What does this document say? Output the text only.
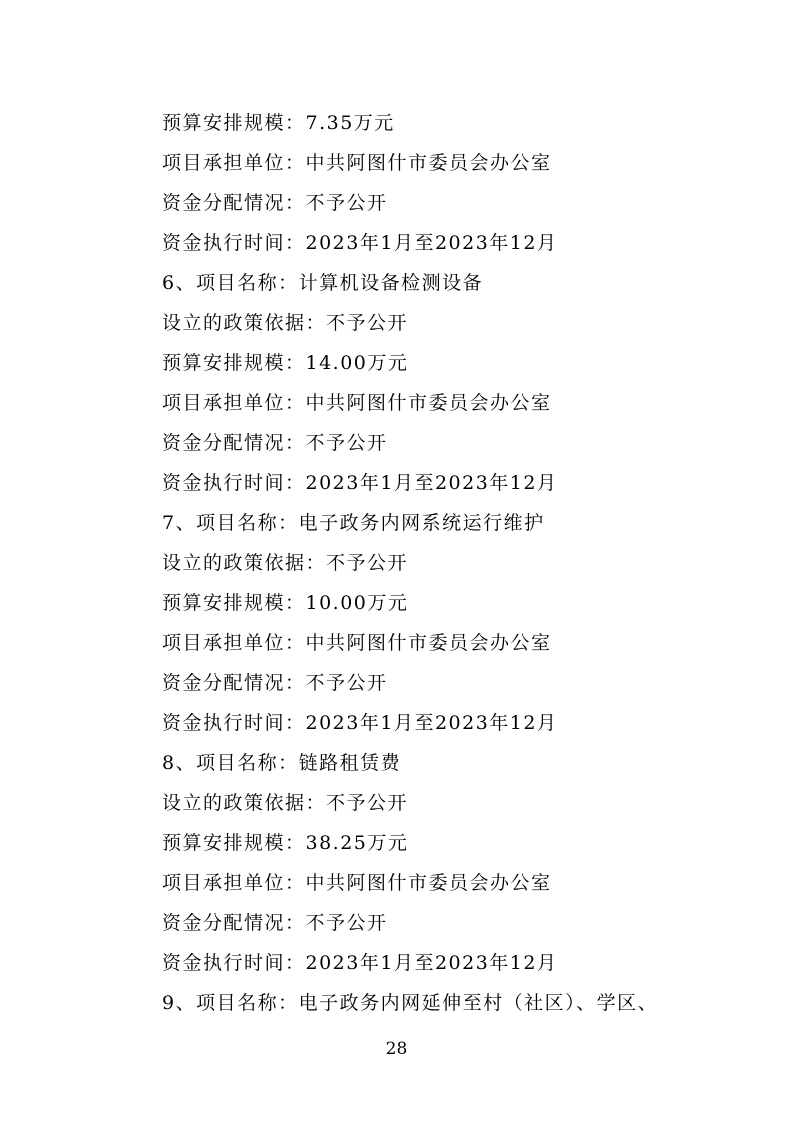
预算安排规模：7.35万元
项目承担单位：中共阿图什市委员会办公室
资金分配情况：不予公开
资金执行时间：2023年1月至2023年12月
6、项目名称：计算机设备检测设备
设立的政策依据：不予公开
预算安排规模：14.00万元
项目承担单位：中共阿图什市委员会办公室
资金分配情况：不予公开
资金执行时间：2023年1月至2023年12月
7、项目名称：电子政务内网系统运行维护
设立的政策依据：不予公开
预算安排规模：10.00万元
项目承担单位：中共阿图什市委员会办公室
资金分配情况：不予公开
资金执行时间：2023年1月至2023年12月
8、项目名称：链路租赁费
设立的政策依据：不予公开
预算安排规模：38.25万元
项目承担单位：中共阿图什市委员会办公室
资金分配情况：不予公开
资金执行时间：2023年1月至2023年12月
9、项目名称：电子政务内网延伸至村（社区）、学区、
28
